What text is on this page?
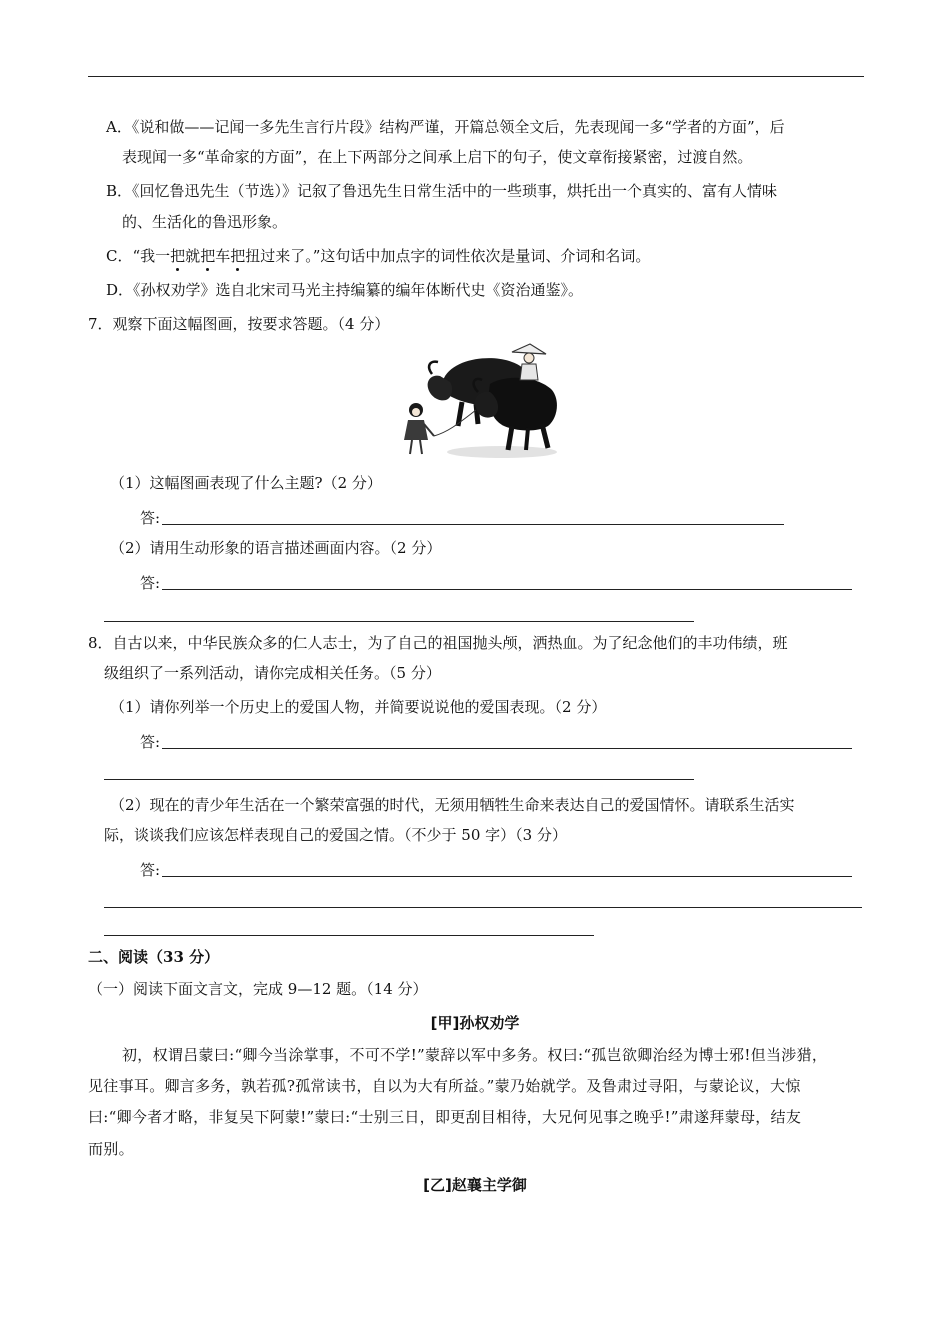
A．《说和做——记闻一多先生言行片段》结构严谨，开篇总领全文后，先表现闻一多“学者的方面”，后
表现闻一多“革命家的方面”，在上下两部分之间承上启下的句子，使文章衔接紧密，过渡自然。
B．《回忆鲁迅先生（节选）》记叙了鲁迅先生日常生活中的一些琐事，烘托出一个真实的、富有人情味
的、生活化的鲁迅形象。
C．“我一把就把车把扭过来了。”这句话中加点字的词性依次是量词、介词和名词。
D．《孙权劝学》选自北宋司马光主持编纂的编年体断代史《资治通鉴》。
7．观察下面这幅图画，按要求答题。（4 分）
（1）这幅图画表现了什么主题?（2 分）
答:
（2）请用生动形象的语言描述画面内容。（2 分）
答:
8．自古以来，中华民族众多的仁人志士，为了自己的祖国抛头颅，洒热血。为了纪念他们的丰功伟绩，班
级组织了一系列活动，请你完成相关任务。（5 分）
（1）请你列举一个历史上的爱国人物，并简要说说他的爱国表现。（2 分）
答:
（2）现在的青少年生活在一个繁荣富强的时代，无须用牺牲生命来表达自己的爱国情怀。请联系生活实
际，谈谈我们应该怎样表现自己的爱国之情。（不少于 50 字）（3 分）
答:
二、阅读（33 分）
（一）阅读下面文言文，完成 9—12 题。（14 分）
[甲]孙权劝学
初，权谓吕蒙曰:“卿今当涂掌事，不可不学!”蒙辞以军中多务。权曰:“孤岂欲卿治经为博士邪!但当涉猎，
见往事耳。卿言多务，孰若孤?孤常读书，自以为大有所益。”蒙乃始就学。及鲁肃过寻阳，与蒙论议，大惊
曰:“卿今者才略，非复吴下阿蒙!”蒙曰:“士别三日，即更刮目相待，大兄何见事之晚乎!”肃遂拜蒙母，结友
而别。
[乙]赵襄主学御
